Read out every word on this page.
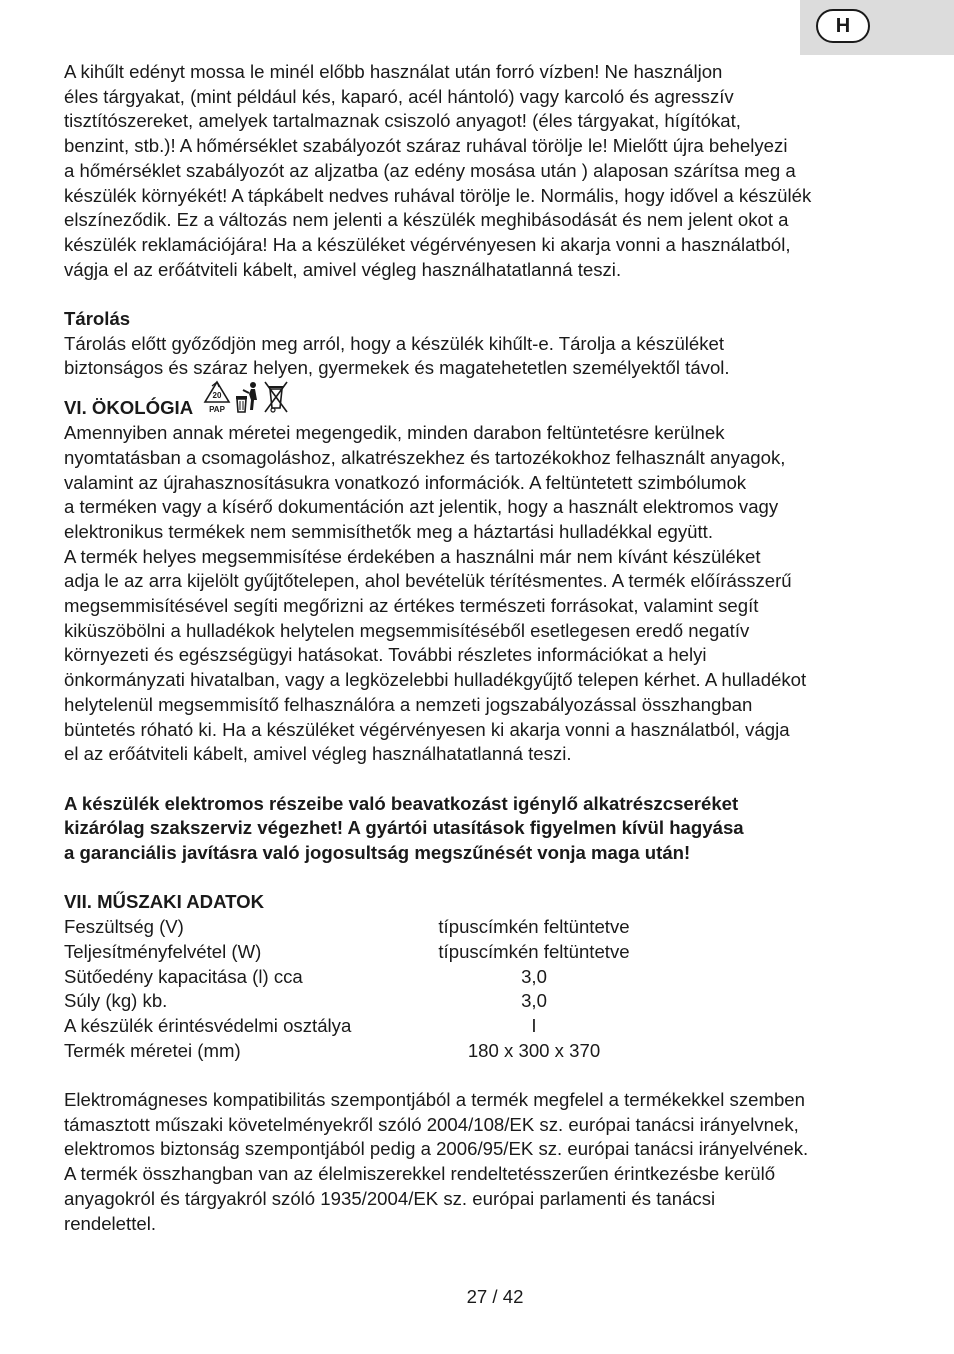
H

A kihűlt edényt mossa le minél előbb használat után forró vízben! Ne használjon

éles tárgyakat, (mint például kés, kaparó, acél hántoló) vagy karcoló és agresszív

tisztítószereket, amelyek tartalmaznak csiszoló anyagot! (éles tárgyakat, hígítókat,

benzint, stb.)! A hőmérséklet szabályozót száraz ruhával törölje le! Mielőtt újra behelyezi

a hőmérséklet szabályozót az aljzatba (az edény mosása után ) alaposan szárítsa meg a

készülék környékét! A tápkábelt nedves ruhával törölje le. Normális, hogy idővel a készülék

elszíneződik. Ez a változás nem jelenti a készülék meghibásodását és nem jelent okot a

készülék reklamációjára! Ha a készüléket végérvényesen ki akarja vonni a használatból,

vágja el az erőátviteli kábelt, amivel végleg használhatatlanná teszi.

Tárolás

Tárolás előtt győződjön meg arról, hogy a készülék kihűlt-e. Tárolja a készüléket

biztonságos és száraz helyen, gyermekek és magatehetetlen személyektől távol.

VI. ÖKOLÓGIA
20
PAP

Amennyiben annak méretei megengedik, minden darabon feltüntetésre kerülnek

nyomtatásban a csomagoláshoz, alkatrészekhez és tartozékokhoz felhasznált anyagok,

valamint az újrahasznosításukra vonatkozó információk. A feltüntetett szimbólumok

a terméken vagy a kísérő dokumentáción azt jelentik, hogy a használt elektromos vagy

elektronikus termékek nem semmisíthetők meg a háztartási hulladékkal együtt.

A termék helyes megsemmisítése érdekében a használni már nem kívánt készüléket

adja le az arra kijelölt gyűjtőtelepen, ahol bevételük térítésmentes. A termék előírásszerű

megsemmisítésével segíti megőrizni az értékes természeti forrásokat, valamint segít

kiküszöbölni a hulladékok helytelen megsemmisítéséből esetlegesen eredő negatív

környezeti és egészségügyi hatásokat. További részletes információkat a helyi

önkormányzati hivatalban, vagy a legközelebbi hulladékgyűjtő telepen kérhet. A hulladékot

helytelenül megsemmisítő felhasználóra a nemzeti jogszabályozással összhangban

büntetés róható ki. Ha a készüléket végérvényesen ki akarja vonni a használatból, vágja

el az erőátviteli kábelt, amivel végleg használhatatlanná teszi.

A készülék elektromos részeibe való beavatkozást igénylő alkatrészcseréket

kizárólag szakszerviz végezhet! A gyártói utasítások figyelmen kívül hagyása

a garanciális javításra való jogosultság megszűnését vonja maga után!

VII. MŰSZAKI ADATOK

Feszültség (V)	típuscímkén feltüntetve
Teljesítményfelvétel (W)	típuscímkén feltüntetve
Sütőedény kapacitása (l) cca	3,0
Súly (kg) kb.	3,0
A készülék érintésvédelmi osztálya	I
Termék méretei (mm)	180 x 300 x 370

Elektromágneses kompatibilitás szempontjából a termék megfelel a termékekkel szemben

támasztott műszaki követelményekről szóló 2004/108/EK sz. európai tanácsi irányelvnek,

elektromos biztonság szempontjából pedig a 2006/95/EK sz. európai tanácsi irányelvének.

A termék összhangban van az élelmiszerekkel rendeltetésszerűen érintkezésbe kerülő

anyagokról és tárgyakról szóló 1935/2004/EK sz. európai parlamenti és tanácsi

rendelettel.

27 / 42
